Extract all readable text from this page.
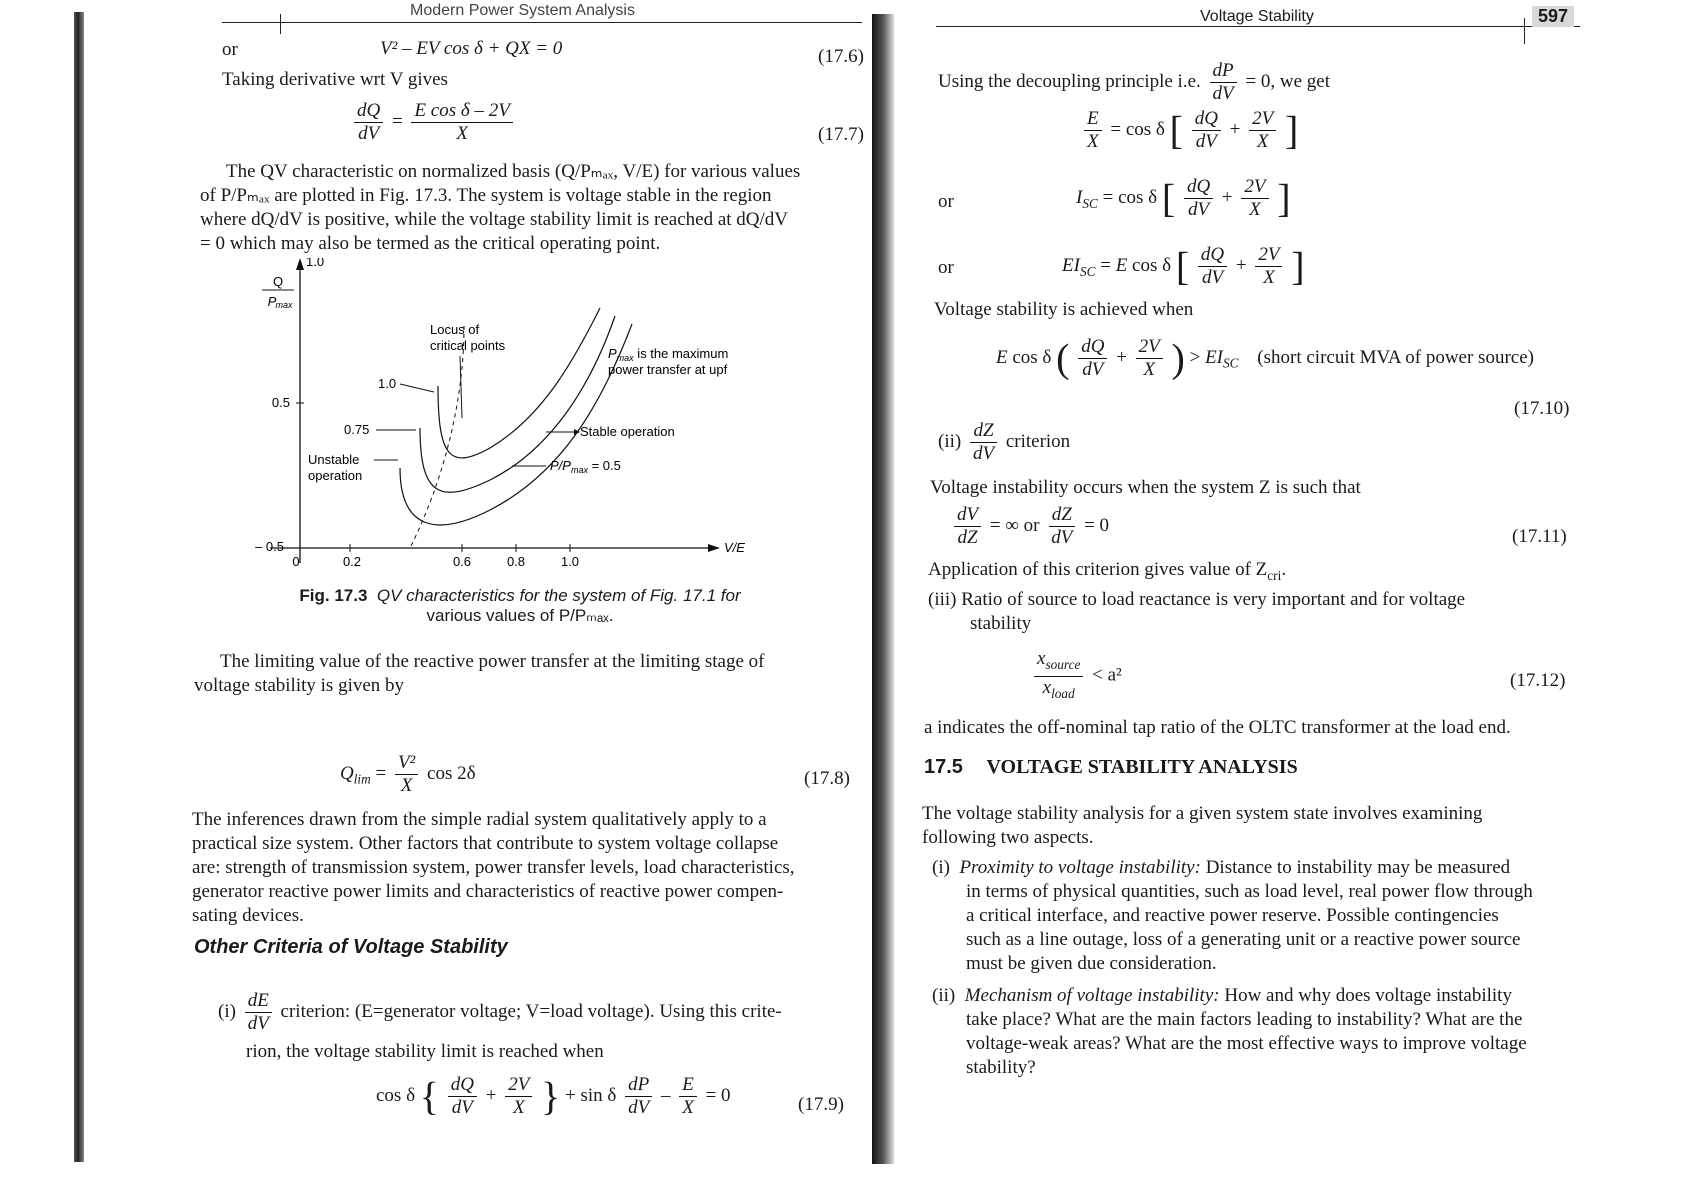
Modern Power System Analysis
or	V² – EV cos δ + QX = 0	(17.6)
Taking derivative wrt V gives
$\frac{dQ}{dV} = \frac{\text{E cos δ – 2V}}{X}$	(17.7)
The QV characteristic on normalized basis (Q/Pₘₐₓ, V/E) for various values
of P/Pₘₐₓ are plotted in Fig. 17.3. The system is voltage stable in the region
where dQ/dV is positive, while the voltage stability limit is reached at dQ/dV
= 0 which may also be termed as the critical operating point.
Q
P max
1.0
0.5
– 0.5
0	0.2	0.6	0.8	1.0
V/E
Locus of
critical points
$P_{max}$ is the maximum
power transfer at upf
1.0
0.75	Stable operation
Unstable
operation
$P/P_{max} = 0.5$
Fig. 17.3 QV characteristics for the system of Fig. 17.1 for
various values of P/Pₘₐₓ.
The limiting value of the reactive power transfer at the limiting stage of
voltage stability is given by
$Q_{lim} = \frac{\text{V²}}{X}$ cos 2δ	(17.8)
The inferences drawn from the simple radial system qualitatively apply to a
practical size system. Other factors that contribute to system voltage collapse
are: strength of transmission system, power transfer levels, load characteristics,
generator reactive power limits and characteristics of reactive power compen-
sating devices.
Other Criteria of Voltage Stability
$(i) \frac{dE}{dV}$ criterion: (E=generator voltage; V=load voltage). Using this crite-
rion, the voltage stability limit is reached when
cos δ { $\frac{dQ}{dV} + \frac{2V}{X}$ } + sin δ $\frac{dP}{dV} - \frac{E}{X} = 0$	(17.9)
Voltage Stability	597
Using the decoupling principle i.e. $\frac{dP}{dV} = 0$, we get
$\frac{E}{X} = \cos \delta$ [ $\frac{dQ}{dV} + \frac{2V}{X}$ ]
or	$I_{SC} = \cos \delta$ [ $\frac{dQ}{dV} + \frac{2V}{X}$ ]
or	$EI_{SC} = E$ cos δ [ $\frac{dQ}{dV} + \frac{2V}{X}$ ]
Voltage stability is achieved when
E cos δ ( $\frac{dQ}{dV} + \frac{2V}{X}$ ) > $EI_{SC}$ (short circuit MVA of power source)
(17.10)
$(ii) \frac{dZ}{dV}$ criterion
Voltage instability occurs when the system Z is such that
$\frac{dV}{dZ}$ = ∞ or $\frac{dZ}{dV} = 0$
(17.11)
Application of this criterion gives value of $Z_{cri}$.
(iii) Ratio of source to load reactance is very important and for voltage
stability
$\frac{x_{source}}{x_{load}} < a^2$	(17.12)
a indicates the off-nominal tap ratio of the OLTC transformer at the load end.
17.5 VOLTAGE STABILITY ANALYSIS
The voltage stability analysis for a given system state involves examining
following two aspects.
(i) Proximity to voltage instability: Distance to instability may be measured
in terms of physical quantities, such as load level, real power flow through
a critical interface, and reactive power reserve. Possible contingencies
such as a line outage, loss of a generating unit or a reactive power source
must be given due consideration.
(ii) Mechanism of voltage instability: How and why does voltage instability
take place? What are the main factors leading to instability? What are the
voltage-weak areas? What are the most effective ways to improve voltage
stability?
